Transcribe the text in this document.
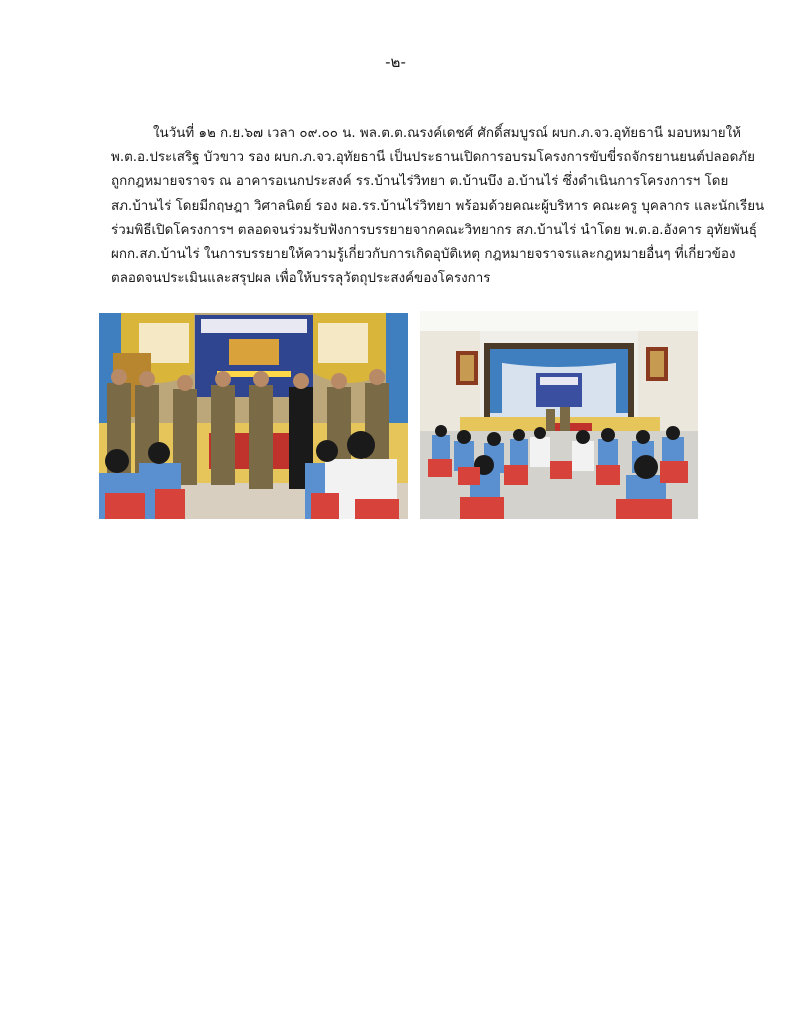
-๒-
ในวันที่ ๑๒ ก.ย.๖๗ เวลา ๐๙.๐๐ น. พล.ต.ต.ณรงค์เดชศ์ ศักดิ์สมบูรณ์ ผบก.ภ.จว.อุทัยธานี มอบหมายให้
พ.ต.อ.ประเสริฐ บัวขาว รอง ผบก.ภ.จว.อุทัยธานี เป็นประธานเปิดการอบรมโครงการขับขี่รถจักรยานยนต์ปลอดภัย
ถูกกฎหมายจราจร ณ อาคารอเนกประสงค์ รร.บ้านไร่วิทยา ต.บ้านบึง อ.บ้านไร่ ซึ่งดำเนินการโครงการฯ โดย
สภ.บ้านไร่ โดยมีกฤษฎา วิศาลนิตย์ รอง ผอ.รร.บ้านไร่วิทยา พร้อมด้วยคณะผู้บริหาร คณะครู บุคลากร และนักเรียน
ร่วมพิธีเปิดโครงการฯ ตลอดจนร่วมรับฟังการบรรยายจากคณะวิทยากร สภ.บ้านไร่ นำโดย พ.ต.อ.อังคาร อุทัยพันธุ์
ผกก.สภ.บ้านไร่ ในการบรรยายให้ความรู้เกี่ยวกับการเกิดอุบัติเหตุ กฎหมายจราจรและกฎหมายอื่นๆ ที่เกี่ยวข้อง
ตลอดจนประเมินและสรุปผล เพื่อให้บรรลุวัตถุประสงค์ของโครงการ
